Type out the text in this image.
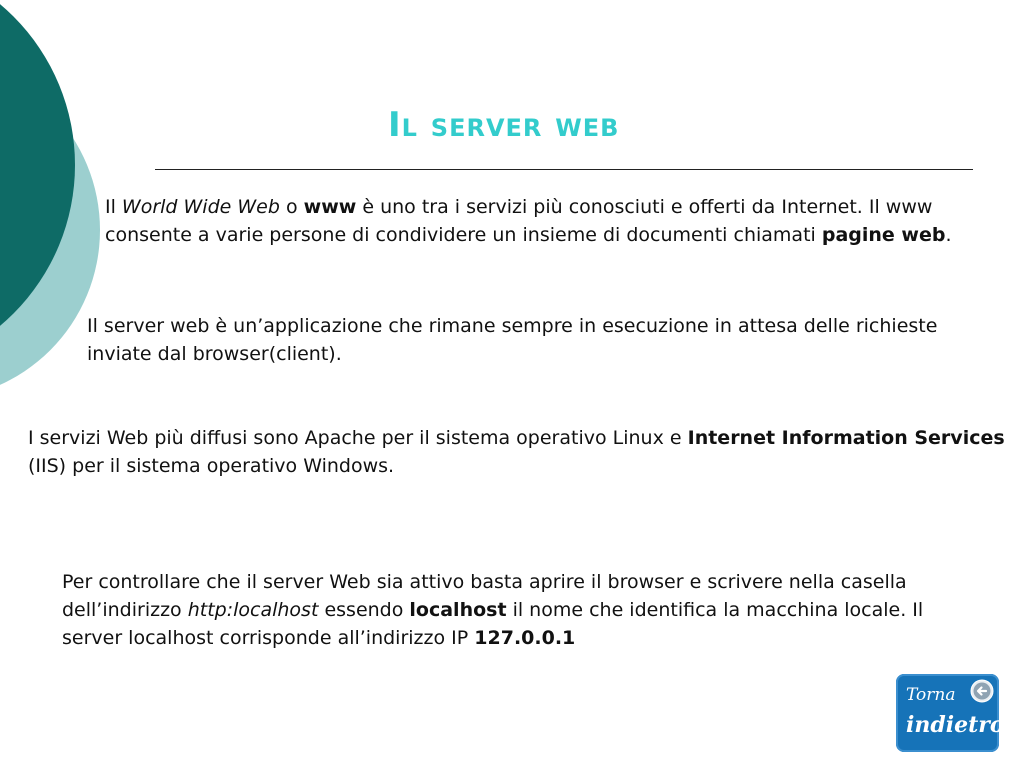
Il server web

Il World Wide Web o www è uno tra i servizi più conosciuti e offerti da Internet. Il www consente a varie persone di condividere un insieme di documenti chiamati pagine web.

Il server web è un’applicazione che rimane sempre in esecuzione in attesa delle richieste inviate dal browser(client).

I servizi Web più diffusi sono Apache per il sistema operativo Linux e Internet Information Services (IIS) per il sistema operativo Windows.

Per controllare che il server Web sia attivo basta aprire il browser e scrivere nella casella dell’indirizzo http:localhost essendo localhost il nome che identifica la macchina locale. Il server localhost corrisponde all’indirizzo IP 127.0.0.1

Torna
indietro
